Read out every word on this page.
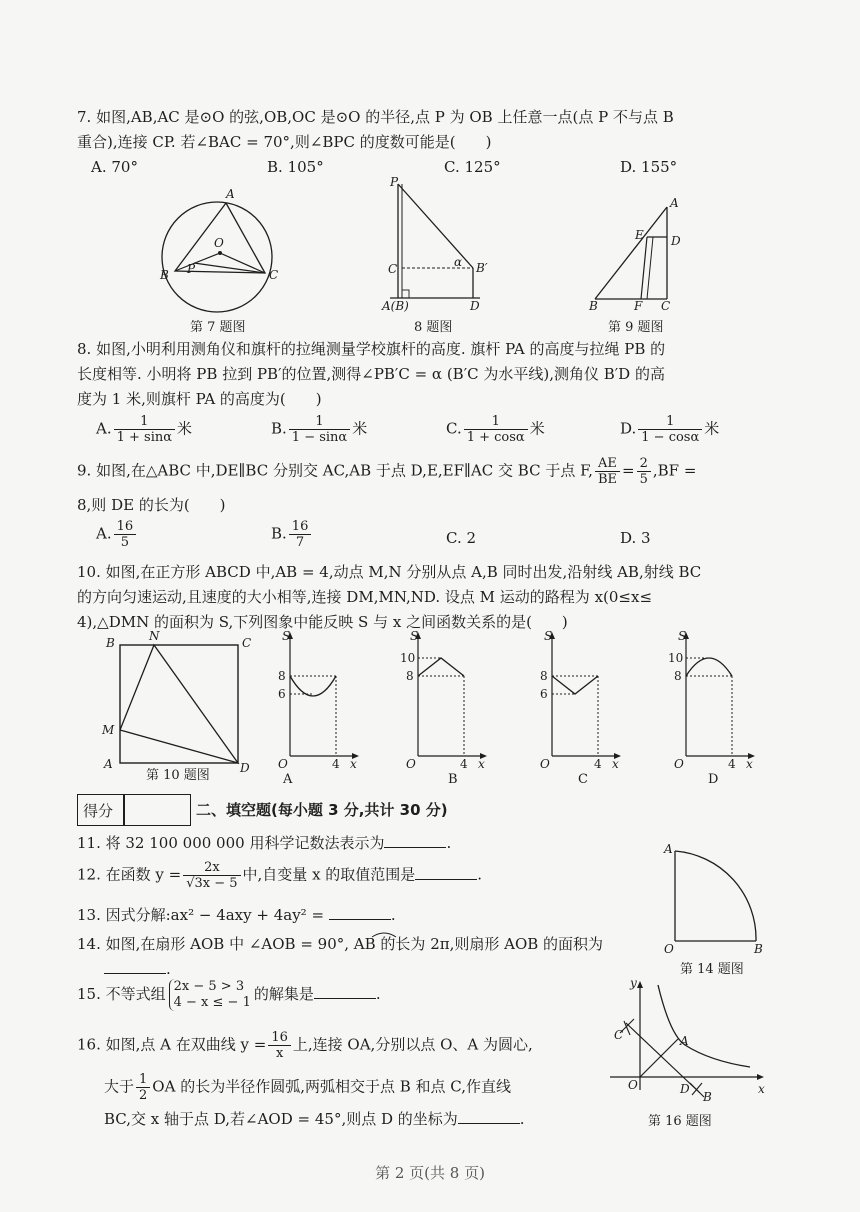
7. 如图,AB,AC 是⊙O 的弦,OB,OC 是⊙O 的半径,点 P 为 OB 上任意一点(点 P 不与点 B
重合),连接 CP. 若∠BAC = 70°,则∠BPC 的度数可能是(　　)
A. 70°	B. 105°	C. 125°	D. 155°
A
O
B P	C
第 7 题图
P
C	α B′
A(B)	D
8 题图
A
E D
B	F C
第 9 题图
8. 如图,小明利用测角仪和旗杆的拉绳测量学校旗杆的高度. 旗杆 PA 的高度与拉绳 PB 的
长度相等. 小明将 PB 拉到 PB′的位置,测得∠PB′C = α (B′C 为水平线),测角仪 B′D 的高
度为 1 米,则旗杆 PA 的高度为(　　)
A. $\frac{1}{1 + \sin\alpha}$ 米	B. $\frac{1}{1 - \sin\alpha}$ 米	C. $\frac{1}{1 + \cos\alpha}$ 米	D. $\frac{1}{1 - \cos\alpha}$ 米
9. 如图,在△ABC 中,DE∥BC 分别交 AC,AB 于点 D,E,EF∥AC 交 BC 于点 F, $\frac{AE}{BE} = \frac{2}{5} ,BF$ =
8,则 DE 的长为(　　)
A. $\frac{16}{5}$	B. $\frac{16}{7}$	C. 2	D. 3
10. 如图,在正方形 ABCD 中,AB = 4,动点 M,N 分别从点 A,B 同时出发,沿射线 AB,射线 BC
的方向匀速运动,且速度的大小相等,连接 DM,MN,ND. 设点 M 运动的路程为 x(0≤x≤
4),△DMN 的面积为 S,下列图象中能反映 S 与 x 之间函数关系的是(　　)
B	N	C
M
A	D
第 10 题图
S
8
6
O	4 x
A
S
10
8
O	4 x
B
S
8
6
O	4 x
C
S
10
8
O	4 x
D
得分	二、填空题(每小题 3 分,共计 30 分)
11. 将 32 100 000 000 用科学记数法表示为	.
12. 在函数 $y = \frac{2x}{√3x - 5}$ 中,自变量 x 的取值范围是	.
13. 因式分解:ax² − 4axy + 4ay² =	.
14. 如图,在扇形 AOB 中 ∠AOB = 90°, AB 的长为 2π,则扇形 AOB 的面积为
.
A
O	B
第 14 题图
15. 不等式组 2x − 5 > 3
4 − x ≤ − 1 的解集是	.
16. 如图,点 A 在双曲线 $y = \frac{16}{x}$ 上,连接 OA,分别以点 O、A 为圆心,
大于 $\frac{1}{2}$ OA 的长为半径作圆弧,两弧相交于点 B 和点 C,作直线
BC,交 x 轴于点 D,若∠AOD = 45°,则点 D 的坐标为	.
y
C	A
O	D
B
x
第 16 题图
第 2 页(共 8 页)
